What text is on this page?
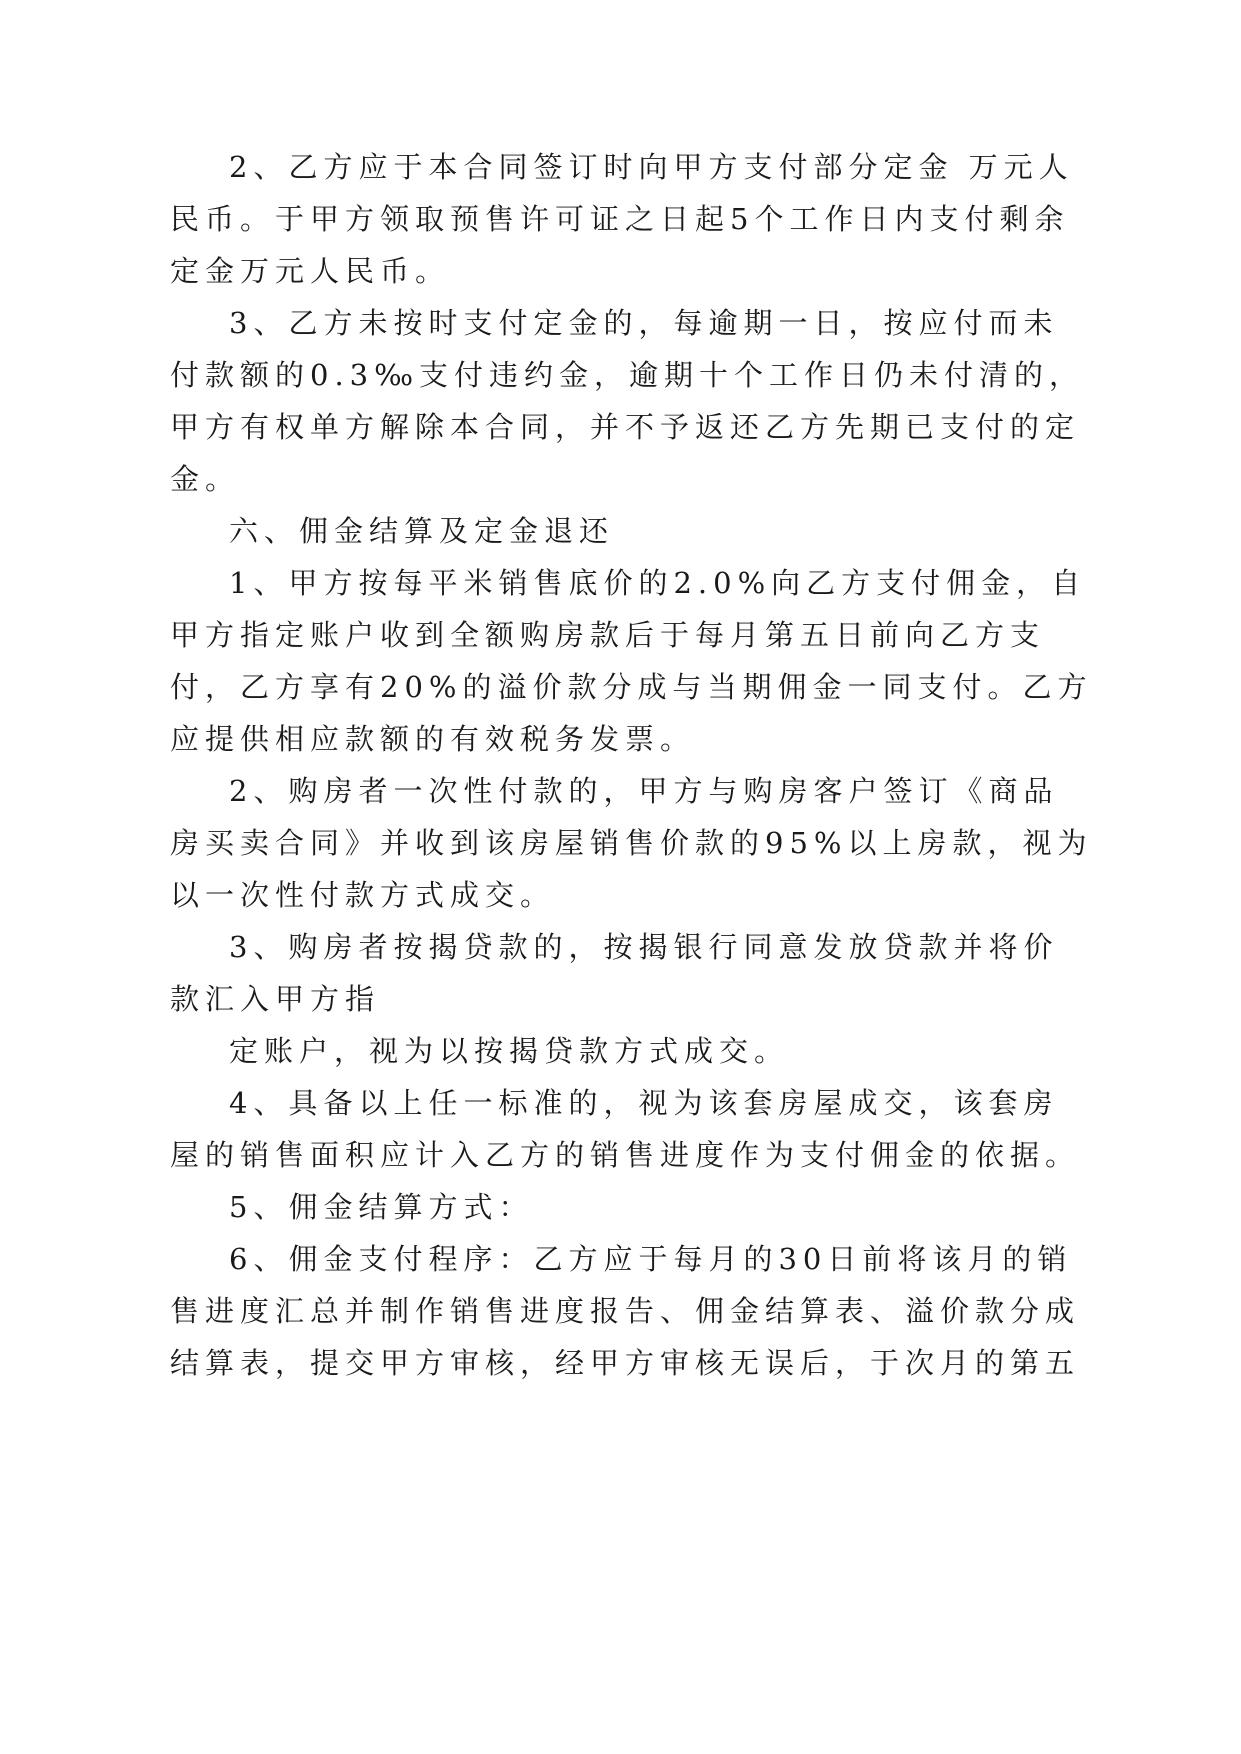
2、乙方应于本合同签订时向甲方支付部分定金 万元人
民币。于甲方领取预售许可证之日起5个工作日内支付剩余
定金万元人民币。
3、乙方未按时支付定金的，每逾期一日，按应付而未
付款额的0.3‰支付违约金，逾期十个工作日仍未付清的，
甲方有权单方解除本合同，并不予返还乙方先期已支付的定
金。
六、佣金结算及定金退还
1、甲方按每平米销售底价的2.0%向乙方支付佣金，自
甲方指定账户收到全额购房款后于每月第五日前向乙方支
付，乙方享有20%的溢价款分成与当期佣金一同支付。乙方
应提供相应款额的有效税务发票。
2、购房者一次性付款的，甲方与购房客户签订《商品
房买卖合同》并收到该房屋销售价款的95%以上房款，视为
以一次性付款方式成交。
3、购房者按揭贷款的，按揭银行同意发放贷款并将价
款汇入甲方指
定账户，视为以按揭贷款方式成交。
4、具备以上任一标准的，视为该套房屋成交，该套房
屋的销售面积应计入乙方的销售进度作为支付佣金的依据。
5、佣金结算方式：
6、佣金支付程序：乙方应于每月的30日前将该月的销
售进度汇总并制作销售进度报告、佣金结算表、溢价款分成
结算表，提交甲方审核，经甲方审核无误后，于次月的第五
